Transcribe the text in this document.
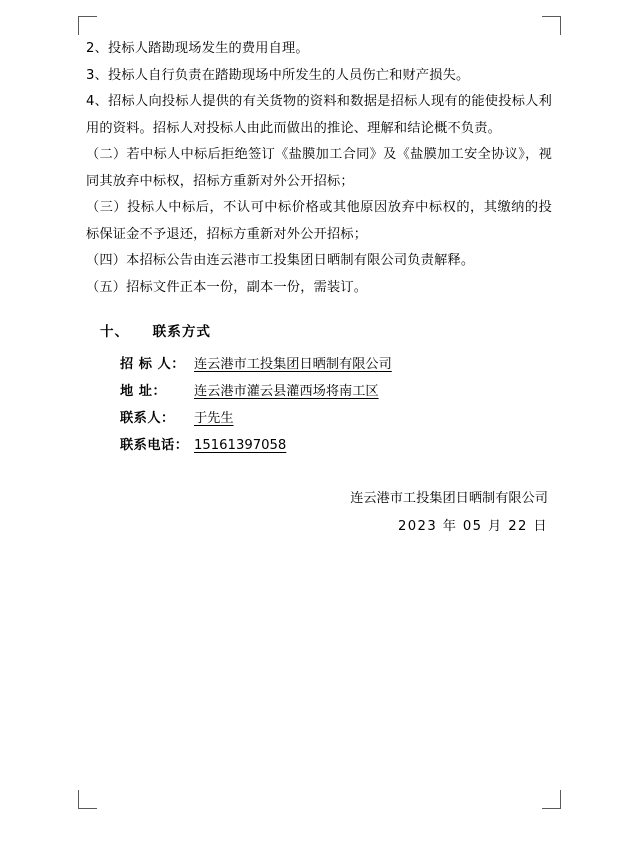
2、投标人踏勘现场发生的费用自理。

3、投标人自行负责在踏勘现场中所发生的人员伤亡和财产损失。

4、招标人向投标人提供的有关货物的资料和数据是招标人现有的能使投标人利用的资料。招标人对投标人由此而做出的推论、理解和结论概不负责。

（二）若中标人中标后拒绝签订《盐膜加工合同》及《盐膜加工安全协议》，视同其放弃中标权，招标方重新对外公开招标；

（三）投标人中标后，不认可中标价格或其他原因放弃中标权的，其缴纳的投标保证金不予退还，招标方重新对外公开招标；

（四）本招标公告由连云港市工投集团日晒制有限公司负责解释。

（五）招标文件正本一份，副本一份，需装订。

十、 联系方式
招 标 人： 连云港市工投集团日晒制有限公司
地 址：	连云港市灌云县灌西场将南工区
联系人：	于先生
联系电话： 15161397058
连云港市工投集团日晒制有限公司
2023 年 05 月 22 日
